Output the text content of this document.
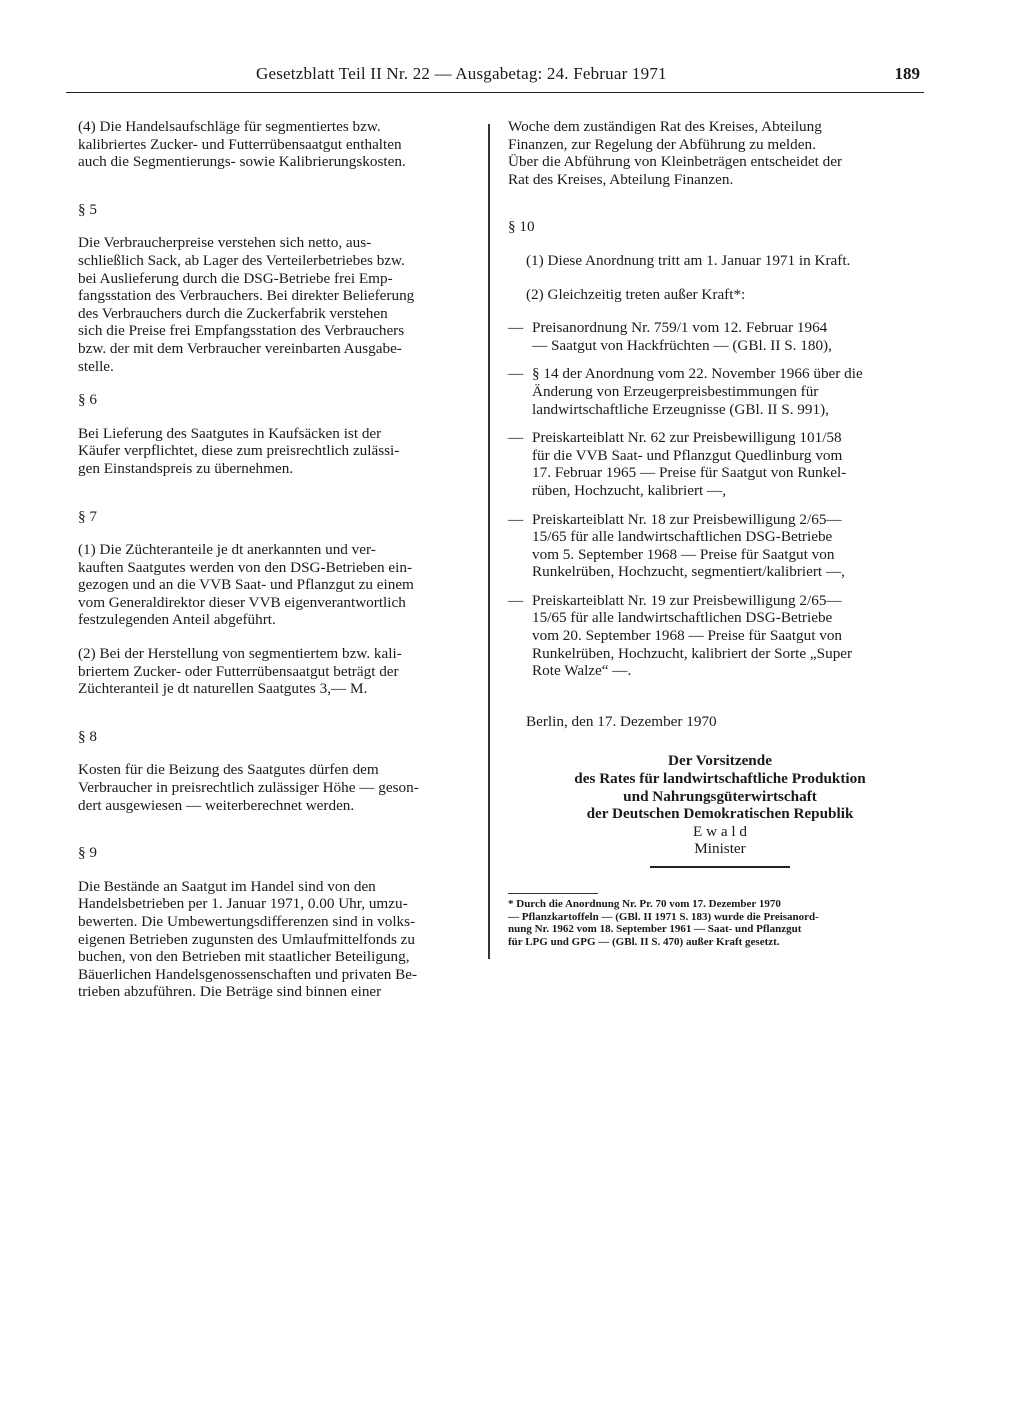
Gesetzblatt Teil II Nr. 22 — Ausgabetag: 24. Februar 1971	189

(4) Die Handelsaufschläge für segmentiertes bzw.
kalibriertes Zucker- und Futterrübensaatgut enthalten
auch die Segmentierungs- sowie Kalibrierungskosten.

§ 5

Die Verbraucherpreise verstehen sich netto, aus-
schließlich Sack, ab Lager des Verteilerbetriebes bzw.
bei Auslieferung durch die DSG-Betriebe frei Emp-
fangsstation des Verbrauchers. Bei direkter Belieferung
des Verbrauchers durch die Zuckerfabrik verstehen
sich die Preise frei Empfangsstation des Verbrauchers
bzw. der mit dem Verbraucher vereinbarten Ausgabe-
stelle.

§ 6

Bei Lieferung des Saatgutes in Kaufsäcken ist der
Käufer verpflichtet, diese zum preisrechtlich zulässi-
gen Einstandspreis zu übernehmen.

§ 7

(1) Die Züchteranteile je dt anerkannten und ver-
kauften Saatgutes werden von den DSG-Betrieben ein-
gezogen und an die VVB Saat- und Pflanzgut zu einem
vom Generaldirektor dieser VVB eigenverantwortlich
festzulegenden Anteil abgeführt.

(2) Bei der Herstellung von segmentiertem bzw. kali-
briertem Zucker- oder Futterrübensaatgut beträgt der
Züchteranteil je dt naturellen Saatgutes 3,— M.

§ 8

Kosten für die Beizung des Saatgutes dürfen dem
Verbraucher in preisrechtlich zulässiger Höhe — geson-
dert ausgewiesen — weiterberechnet werden.

§ 9

Die Bestände an Saatgut im Handel sind von den
Handelsbetrieben per 1. Januar 1971, 0.00 Uhr, umzu-
bewerten. Die Umbewertungsdifferenzen sind in volks-
eigenen Betrieben zugunsten des Umlaufmittelfonds zu
buchen, von den Betrieben mit staatlicher Beteiligung,
Bäuerlichen Handelsgenossenschaften und privaten Be-
trieben abzuführen. Die Beträge sind binnen einer

Woche dem zuständigen Rat des Kreises, Abteilung
Finanzen, zur Regelung der Abführung zu melden.
Über die Abführung von Kleinbeträgen entscheidet der
Rat des Kreises, Abteilung Finanzen.

§ 10

(1) Diese Anordnung tritt am 1. Januar 1971 in Kraft.

(2) Gleichzeitig treten außer Kraft*:

— Preisanordnung Nr. 759/1 vom 12. Februar 1964
— Saatgut von Hackfrüchten — (GBl. II S. 180),
— § 14 der Anordnung vom 22. November 1966 über die
Änderung von Erzeugerpreisbestimmungen für
landwirtschaftliche Erzeugnisse (GBl. II S. 991),
— Preiskarteiblatt Nr. 62 zur Preisbewilligung 101/58
für die VVB Saat- und Pflanzgut Quedlinburg vom
17. Februar 1965 — Preise für Saatgut von Runkel-
rüben, Hochzucht, kalibriert —,
— Preiskarteiblatt Nr. 18 zur Preisbewilligung 2/65—
15/65 für alle landwirtschaftlichen DSG-Betriebe
vom 5. September 1968 — Preise für Saatgut von
Runkelrüben, Hochzucht, segmentiert/kalibriert —,
— Preiskarteiblatt Nr. 19 zur Preisbewilligung 2/65—
15/65 für alle landwirtschaftlichen DSG-Betriebe
vom 20. September 1968 — Preise für Saatgut von
Runkelrüben, Hochzucht, kalibriert der Sorte „Super
Rote Walze“ —.

Berlin, den 17. Dezember 1970

Der Vorsitzende
des Rates für landwirtschaftliche Produktion
und Nahrungsgüterwirtschaft
der Deutschen Demokratischen Republik
E w a l d
Minister
* Durch die Anordnung Nr. Pr. 70 vom 17. Dezember 1970
— Pflanzkartoffeln — (GBl. II 1971 S. 183) wurde die Preisanord-
nung Nr. 1962 vom 18. September 1961 — Saat- und Pflanzgut
für LPG und GPG — (GBl. II S. 470) außer Kraft gesetzt.
